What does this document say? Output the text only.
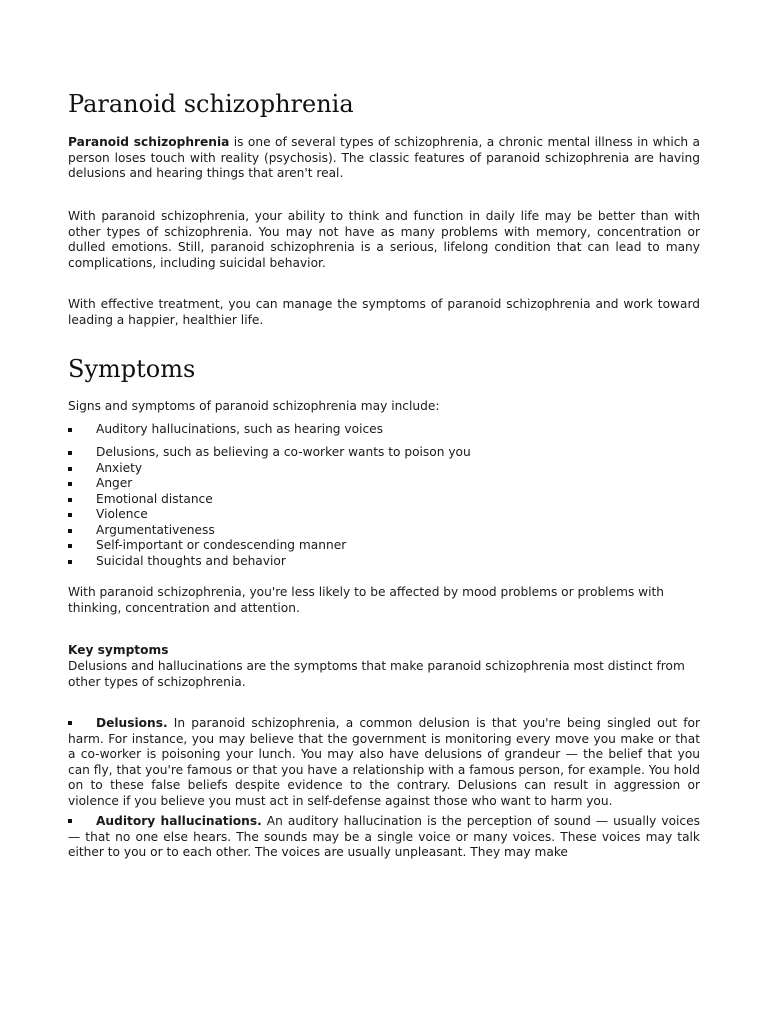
Paranoid schizophrenia

Paranoid schizophrenia is one of several types of schizophrenia, a chronic mental illness in which a person loses touch with reality (psychosis). The classic features of paranoid schizophrenia are having delusions and hearing things that aren't real.

With paranoid schizophrenia, your ability to think and function in daily life may be better than with other types of schizophrenia. You may not have as many problems with memory, concentration or dulled emotions. Still, paranoid schizophrenia is a serious, lifelong condition that can lead to many complications, including suicidal behavior.

With effective treatment, you can manage the symptoms of paranoid schizophrenia and work toward leading a happier, healthier life.

Symptoms

Signs and symptoms of paranoid schizophrenia may include:

Auditory hallucinations, such as hearing voices
Delusions, such as believing a co-worker wants to poison you
Anxiety
Anger
Emotional distance
Violence
Argumentativeness
Self-important or condescending manner
Suicidal thoughts and behavior

With paranoid schizophrenia, you're less likely to be affected by mood problems or problems with thinking, concentration and attention.

Key symptoms

Delusions and hallucinations are the symptoms that make paranoid schizophrenia most distinct from other types of schizophrenia.

Delusions. In paranoid schizophrenia, a common delusion is that you're being singled out for harm. For instance, you may believe that the government is monitoring every move you make or that a co-worker is poisoning your lunch. You may also have delusions of grandeur — the belief that you can fly, that you're famous or that you have a relationship with a famous person, for example. You hold on to these false beliefs despite evidence to the contrary. Delusions can result in aggression or violence if you believe you must act in self-defense against those who want to harm you.

Auditory hallucinations. An auditory hallucination is the perception of sound — usually voices — that no one else hears. The sounds may be a single voice or many voices. These voices may talk either to you or to each other. The voices are usually unpleasant. They may make
